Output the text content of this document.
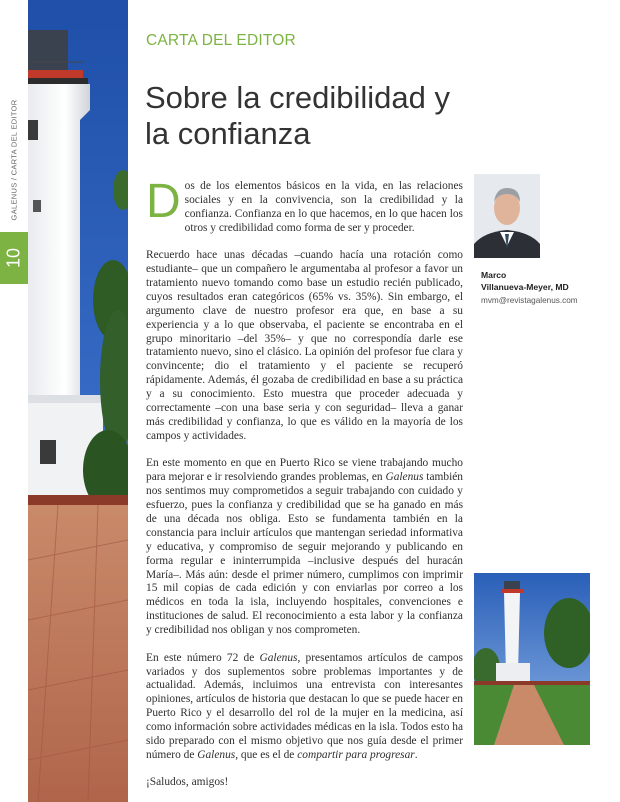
GALENUS / CARTA DEL EDITOR
10
CARTA DEL EDITOR
Sobre la credibilidad y la confianza

Dos de los elementos básicos en la vida, en las relaciones sociales y en la convivencia, son la credibilidad y la confianza. Confianza en lo que hacemos, en lo que hacen los otros y credibilidad como forma de ser y proceder.

Recuerdo hace unas décadas –cuando hacía una rotación como estudiante– que un compañero le argumentaba al profesor a favor un tratamiento nuevo tomando como base un estudio recién publicado, cuyos resultados eran categóricos (65% vs. 35%). Sin embargo, el argumento clave de nuestro profesor era que, en base a su experiencia y a lo que observaba, el paciente se encontraba en el grupo minoritario –del 35%– y que no correspondía darle ese tratamiento nuevo, sino el clásico. La opinión del profesor fue clara y convincente; dio el tratamiento y el paciente se recuperó rápidamente. Además, él gozaba de credibilidad en base a su práctica y a su conocimiento. Esto muestra que proceder adecuada y correctamente –con una base seria y con seguridad– lleva a ganar más credibilidad y confianza, lo que es válido en la mayoría de los campos y actividades.

En este momento en que en Puerto Rico se viene trabajando mucho para mejorar e ir resolviendo grandes problemas, en Galenus también nos sentimos muy comprometidos a seguir trabajando con cuidado y esfuerzo, pues la confianza y credibilidad que se ha ganado en más de una década nos obliga. Esto se fundamenta también en la constancia para incluir artículos que mantengan seriedad informativa y educativa, y compromiso de seguir mejorando y publicando en forma regular e ininterrumpida –inclusive después del huracán María–. Más aún: desde el primer número, cumplimos con imprimir 15 mil copias de cada edición y con enviarlas por correo a los médicos en toda la isla, incluyendo hospitales, convenciones e instituciones de salud. El reconocimiento a esta labor y la confianza y credibilidad nos obligan y nos comprometen.

En este número 72 de Galenus, presentamos artículos de campos variados y dos suplementos sobre problemas importantes y de actualidad. Además, incluimos una entrevista con interesantes opiniones, artículos de historia que destacan lo que se puede hacer en Puerto Rico y el desarrollo del rol de la mujer en la medicina, así como información sobre actividades médicas en la isla. Todos esto ha sido preparado con el mismo objetivo que nos guía desde el primer número de Galenus, que es el de compartir para progresar.

¡Saludos, amigos!

Marco
Villanueva-Meyer, MD
mvm@revistagalenus.com
